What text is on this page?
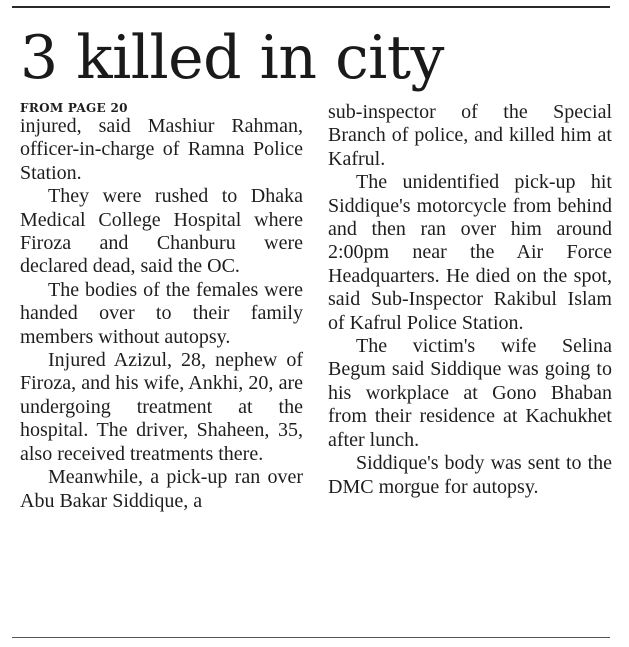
3 killed in city
FROM PAGE 20

injured, said Mashiur Rahman, officer-in-charge of Ramna Police Station.

They were rushed to Dhaka Medical College Hospital where Firoza and Chanburu were declared dead, said the OC.

The bodies of the females were handed over to their family members without autopsy.

Injured Azizul, 28, nephew of Firoza, and his wife, Ankhi, 20, are undergoing treatment at the hospital. The driver, Shaheen, 35, also received treatments there.

Meanwhile, a pick-up ran over Abu Bakar Siddique, a

sub-inspector of the Special Branch of police, and killed him at Kafrul.

The unidentified pick-up hit Siddique's motorcycle from behind and then ran over him around 2:00pm near the Air Force Headquarters. He died on the spot, said Sub-Inspector Rakibul Islam of Kafrul Police Station.

The victim's wife Selina Begum said Siddique was going to his workplace at Gono Bhaban from their residence at Kachukhet after lunch.

Siddique's body was sent to the DMC morgue for autopsy.
